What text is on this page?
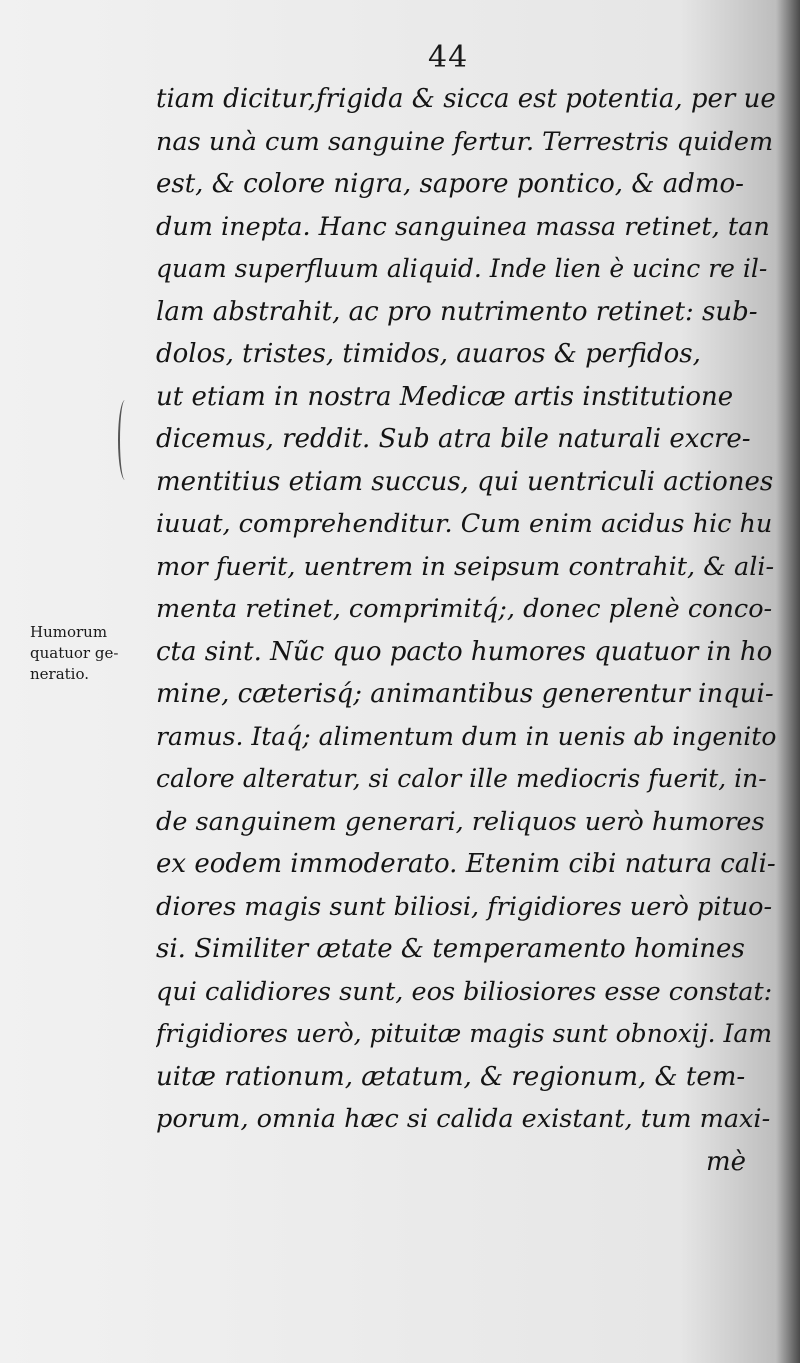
44
Humorum
quatuor ge-
neratio.
tiam dicitur,frigida & sicca est potentia, per ue
nas unà cum sanguine fertur. Terrestris quidem
est, & colore nigra, sapore pontico, & admo-
dum inepta. Hanc sanguinea massa retinet, tan
quam superfluum aliquid. Inde lien è ucinc re il-
lam abstrahit, ac pro nutrimento retinet: sub-
dolos, tristes, timidos, auaros & perfidos,
ut etiam in nostra Medicæ artis institutione
dicemus, reddit. Sub atra bile naturali excre-
mentitius etiam succus, qui uentriculi actiones
iuuat, comprehenditur. Cum enim acidus hic hu
mor fuerit, uentrem in seipsum contrahit, & ali-
menta retinet, comprimitq́;, donec plenè conco-
cta sint. Nũc quo pacto humores quatuor in ho
mine, cæterisq́; animantibus generentur inqui-
ramus. Itaq́; alimentum dum in uenis ab ingenito
calore alteratur, si calor ille mediocris fuerit, in-
de sanguinem generari, reliquos uerò humores
ex eodem immoderato. Etenim cibi natura cali-
diores magis sunt biliosi, frigidiores uerò pituo-
si. Similiter ætate & temperamento homines
qui calidiores sunt, eos biliosiores esse constat:
frigidiores uerò, pituitæ magis sunt obnoxij. Iam
uitæ rationum, ætatum, & regionum, & tem-
porum, omnia hæc si calida existant, tum maxi-
mè
